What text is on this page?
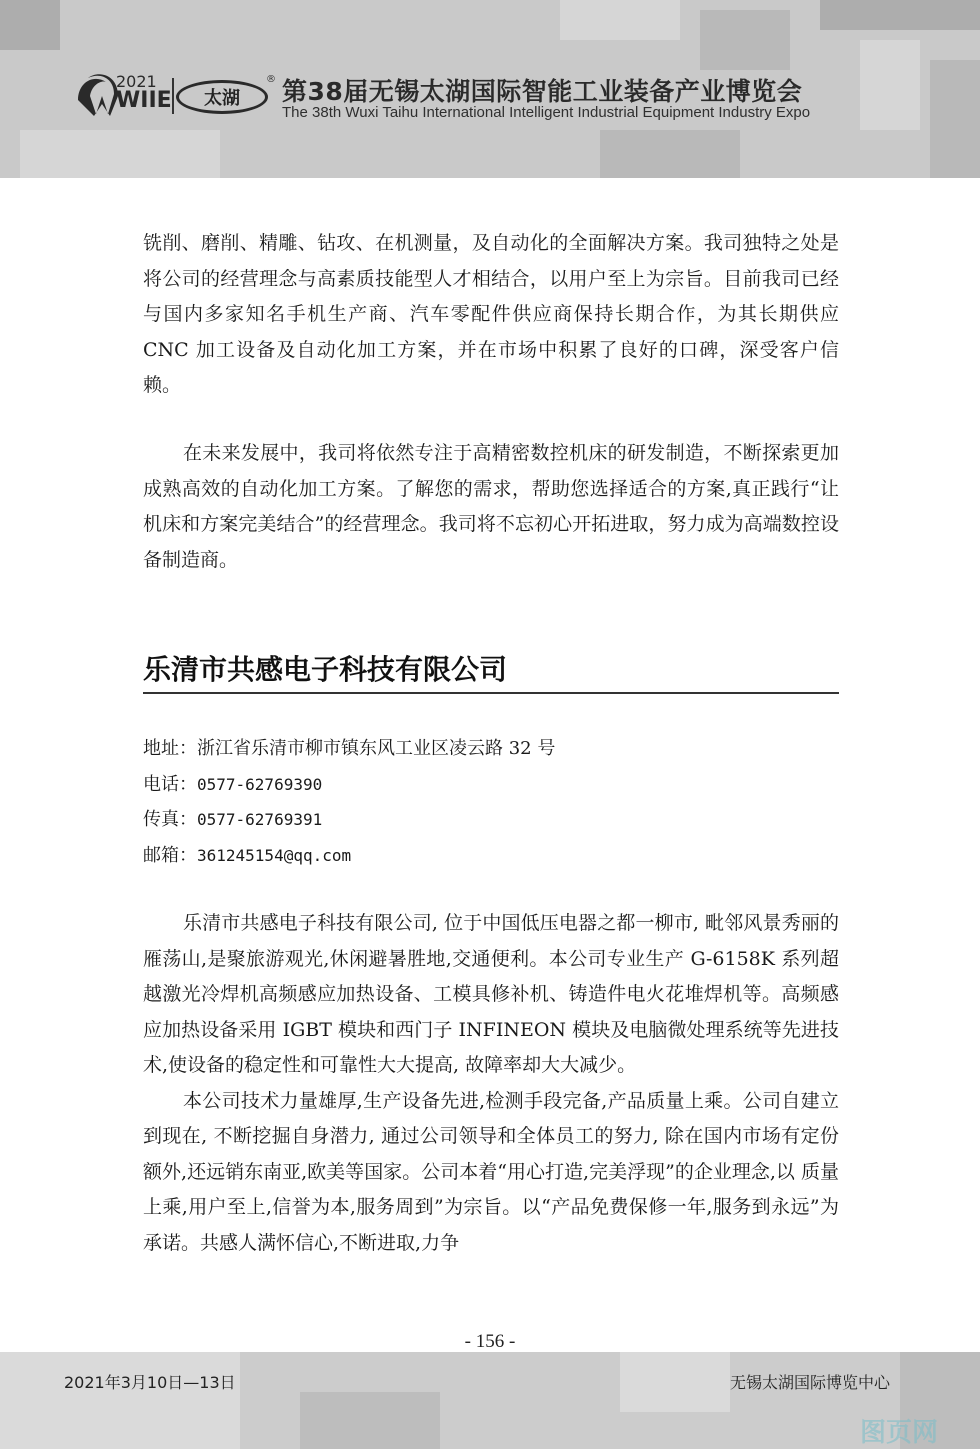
2021
WIIE 太湖
® 第38届无锡太湖国际智能工业装备产业博览会
The 38th Wuxi Taihu International Intelligent Industrial Equipment Industry Expo

铣削、磨削、精雕、钻攻、在机测量，及自动化的全面解决方案。我司独特之处是将公司的经营理念与高素质技能型人才相结合，以用户至上为宗旨。目前我司已经与国内多家知名手机生产商、汽车零配件供应商保持长期合作，为其长期供应 CNC 加工设备及自动化加工方案，并在市场中积累了良好的口碑，深受客户信赖。

在未来发展中，我司将依然专注于高精密数控机床的研发制造，不断探索更加成熟高效的自动化加工方案。了解您的需求，帮助您选择适合的方案,真正践行“让机床和方案完美结合”的经营理念。我司将不忘初心开拓进取，努力成为高端数控设备制造商。

乐清市共感电子科技有限公司

地址：浙江省乐清市柳市镇东风工业区凌云路 32 号

电话：0577-62769390

传真：0577-62769391

邮箱：361245154@qq.com

乐清市共感电子科技有限公司, 位于中国低压电器之都一柳市, 毗邻风景秀丽的雁荡山,是聚旅游观光,休闲避暑胜地,交通便利。本公司专业生产 G-6158K 系列超越激光冷焊机高频感应加热设备、工模具修补机、铸造件电火花堆焊机等。高频感应加热设备采用 IGBT 模块和西门子 INFINEON 模块及电脑微处理系统等先进技术,使设备的稳定性和可靠性大大提高, 故障率却大大减少。

本公司技术力量雄厚,生产设备先进,检测手段完备,产品质量上乘。公司自建立 到现在, 不断挖掘自身潜力, 通过公司领导和全体员工的努力, 除在国内市场有定份额外,还远销东南亚,欧美等国家。公司本着“用心打造,完美浮现”的企业理念,以 质量上乘,用户至上,信誉为本,服务周到”为宗旨。以“产品免费保修一年,服务到永远”为承诺。共感人满怀信心,不断进取,力争

- 156 -
2021年3月10日—13日	无锡太湖国际博览中心
图页网
